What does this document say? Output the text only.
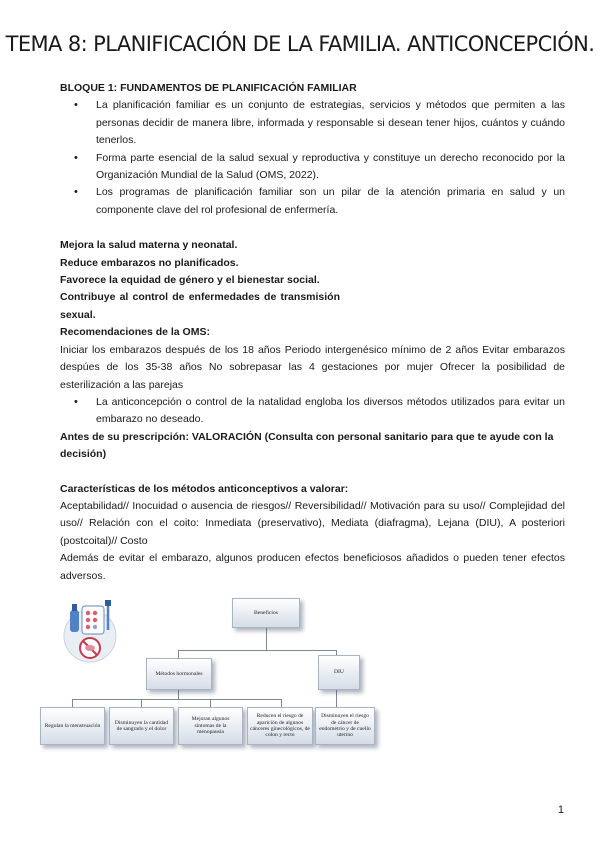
TEMA 8: PLANIFICACIÓN DE LA FAMILIA. ANTICONCEPCIÓN.

BLOQUE 1: FUNDAMENTOS DE PLANIFICACIÓN FAMILIAR

• La planificación familiar es un conjunto de estrategias, servicios y métodos que permiten a las personas decidir de manera libre, informada y responsable si desean tener hijos, cuántos y cuándo tenerlos.
• Forma parte esencial de la salud sexual y reproductiva y constituye un derecho reconocido por la Organización Mundial de la Salud (OMS, 2022).
• Los programas de planificación familiar son un pilar de la atención primaria en salud y un componente clave del rol profesional de enfermería.
Mejora la salud materna y neonatal.
Reduce embarazos no planificados.
Favorece la equidad de género y el bienestar social.
Contribuye al control de enfermedades de transmisión sexual.

Recomendaciones de la OMS:

Iniciar los embarazos después de los 18 años Periodo intergenésico mínimo de 2 años Evitar embarazos despúes de los 35-38 años No sobrepasar las 4 gestaciones por mujer Ofrecer la posibilidad de esterilización a las parejas

• La anticoncepción o control de la natalidad engloba los diversos métodos utilizados para evitar un embarazo no deseado.

Antes de su prescripción: VALORACIÓN (Consulta con personal sanitario para que te ayude con la decisión)

Características de los métodos anticonceptivos a valorar:

Aceptabilidad// Inocuidad o ausencia de riesgos// Reversibilidad// Motivación para su uso// Complejidad del uso// Relación con el coito: Inmediata (preservativo), Mediata (diafragma), Lejana (DIU), A posteriori (postcoital)// Costo

Además de evitar el embarazo, algunos producen efectos beneficiosos añadidos o pueden tener efectos adversos.

Beneficios
Métodos hormonales	DIU
Regulan la menstruación
Disminuyen la cantidad de sangrado y el dolor
Mejoran algunos síntomas de la menopausia
Reducen el riesgo de aparición de algunos cánceres ginecológicos, de colon y recto
Disminuyen el riesgo de cáncer de endometrio y de cuello uterino
1
